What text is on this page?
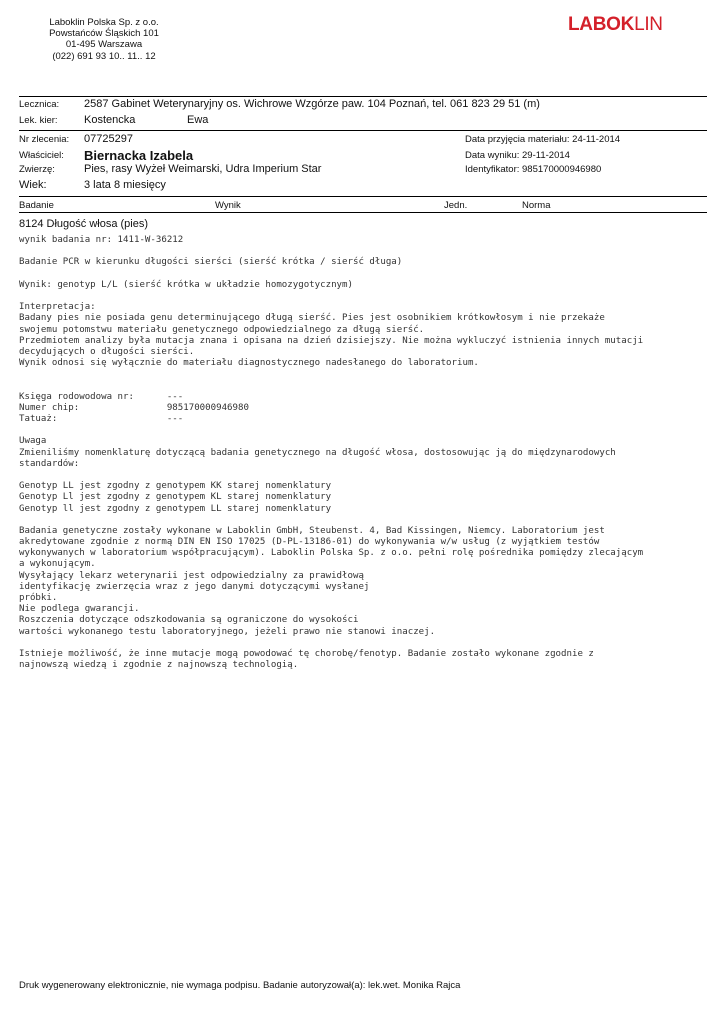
Laboklin Polska Sp. z o.o.
Powstańców Śląskich 101
01-495 Warszawa
(022) 691 93 10.. 11.. 12
LABOKLIN
Lecznica: 2587 Gabinet Weterynaryjny os. Wichrowe Wzgórze paw. 104 Poznań, tel. 061 823 29 51 (m)
Lek. kier: Kostencka	Ewa
Nr zlecenia: 07725297
Właściciel: Biernacka Izabela
Zwierzę:	Pies, rasy Wyżeł Weimarski, Udra Imperium Star
Wiek:	3 lata 8 miesięcy
Data przyjęcia materiału: 24-11-2014
Data wyniku: 29-11-2014
Identyfikator: 985170000946980
Badanie	Wynik	Jedn.	Norma
8124 Długość włosa (pies)
wynik badania nr: 1411-W-36212
Badanie PCR w kierunku długości sierści (sierść krótka / sierść długa)
Wynik: genotyp L/L (sierść krótka w układzie homozygotycznym)
Interpretacja:
Badany pies nie posiada genu determinującego długą sierść. Pies jest osobnikiem krótkowłosym i nie przekaże
swojemu potomstwu materiału genetycznego odpowiedzialnego za długą sierść.
Przedmiotem analizy była mutacja znana i opisana na dzień dzisiejszy. Nie można wykluczyć istnienia innych mutacji
decydujących o długości sierści.
Wynik odnosi się wyłącznie do materiału diagnostycznego nadesłanego do laboratorium.
Księga rodowodowa nr:      ---
Numer chip:                985170000946980
Tatuaż:                    ---
Uwaga
Zmieniliśmy nomenklaturę dotyczącą badania genetycznego na długość włosa, dostosowując ją do międzynarodowych
standardów:
Genotyp LL jest zgodny z genotypem KK starej nomenklatury
Genotyp Ll jest zgodny z genotypem KL starej nomenklatury
Genotyp ll jest zgodny z genotypem LL starej nomenklatury
Badania genetyczne zostały wykonane w Laboklin GmbH, Steubenst. 4, Bad Kissingen, Niemcy. Laboratorium jest
akredytowane zgodnie z normą DIN EN ISO 17025 (D-PL-13186-01) do wykonywania w/w usług (z wyjątkiem testów
wykonywanych w laboratorium współpracującym). Laboklin Polska Sp. z o.o. pełni rolę pośrednika pomiędzy zlecającym
a wykonującym.
Wysyłający lekarz weterynarii jest odpowiedzialny za prawidłową
identyfikację zwierzęcia wraz z jego danymi dotyczącymi wysłanej
próbki.
Nie podlega gwarancji.
Roszczenia dotyczące odszkodowania są ograniczone do wysokości
wartości wykonanego testu laboratoryjnego, jeżeli prawo nie stanowi inaczej.
Istnieje możliwość, że inne mutacje mogą powodować tę chorobę/fenotyp. Badanie zostało wykonane zgodnie z
najnowszą wiedzą i zgodnie z najnowszą technologią.
Druk wygenerowany elektronicznie, nie wymaga podpisu. Badanie autoryzował(a): lek.wet. Monika Rajca
